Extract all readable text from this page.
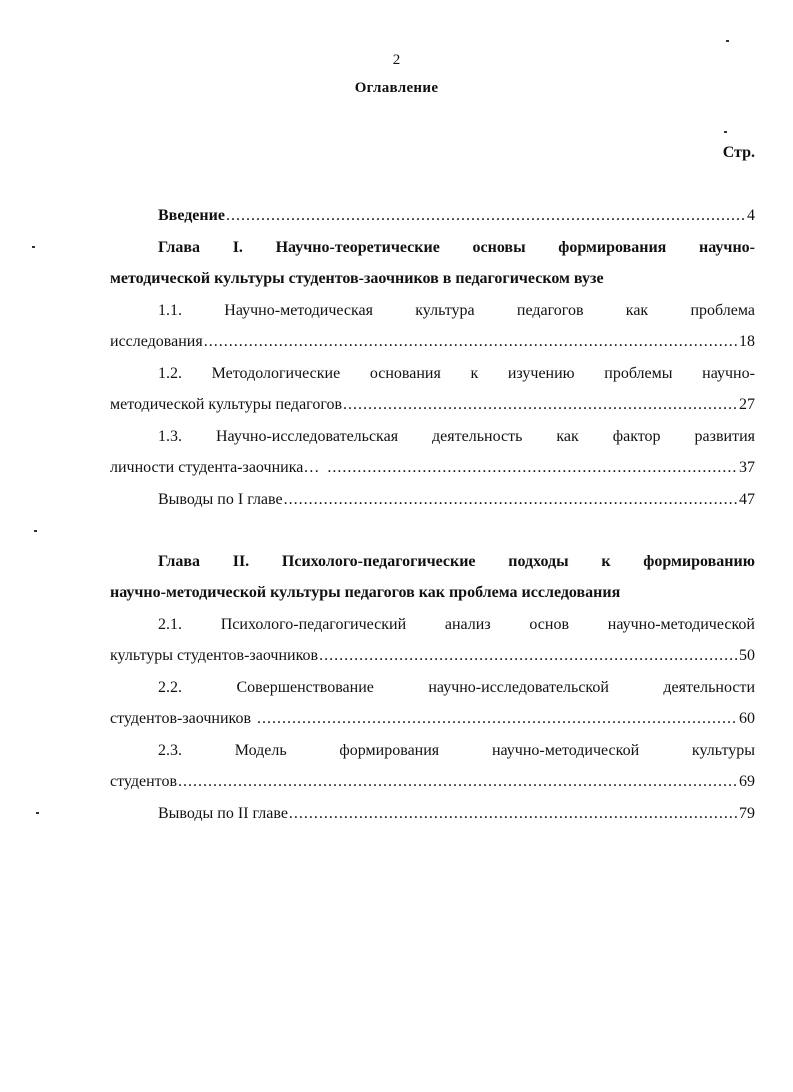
2
Оглавление
Стр.
Введение .....	4
Глава I. Научно-теоретические основы формирования научно-
методической культуры студентов-заочников в педагогическом вузе
1.1.	Научно-методическая	культура	педагогов	как	проблема
исследования .....	18
1.2. Методологические основания к изучению проблемы научно-
методической культуры педагогов .....	27
1.3. Научно-исследовательская деятельность как фактор развития
личности студента-заочника… .....	37
Выводы по I главе .....	47
Глава II. Психолого-педагогические подходы к формированию
научно-методической культуры педагогов как проблема исследования
2.1. Психолого-педагогический анализ основ научно-методической
культуры студентов-заочников .....	50
2.2.	Совершенствование	научно-исследовательской	деятельности
студентов-заочников .....	60
2.3.	Модель	формирования	научно-методической	культуры
студентов .....	69
Выводы по II главе .....	79
